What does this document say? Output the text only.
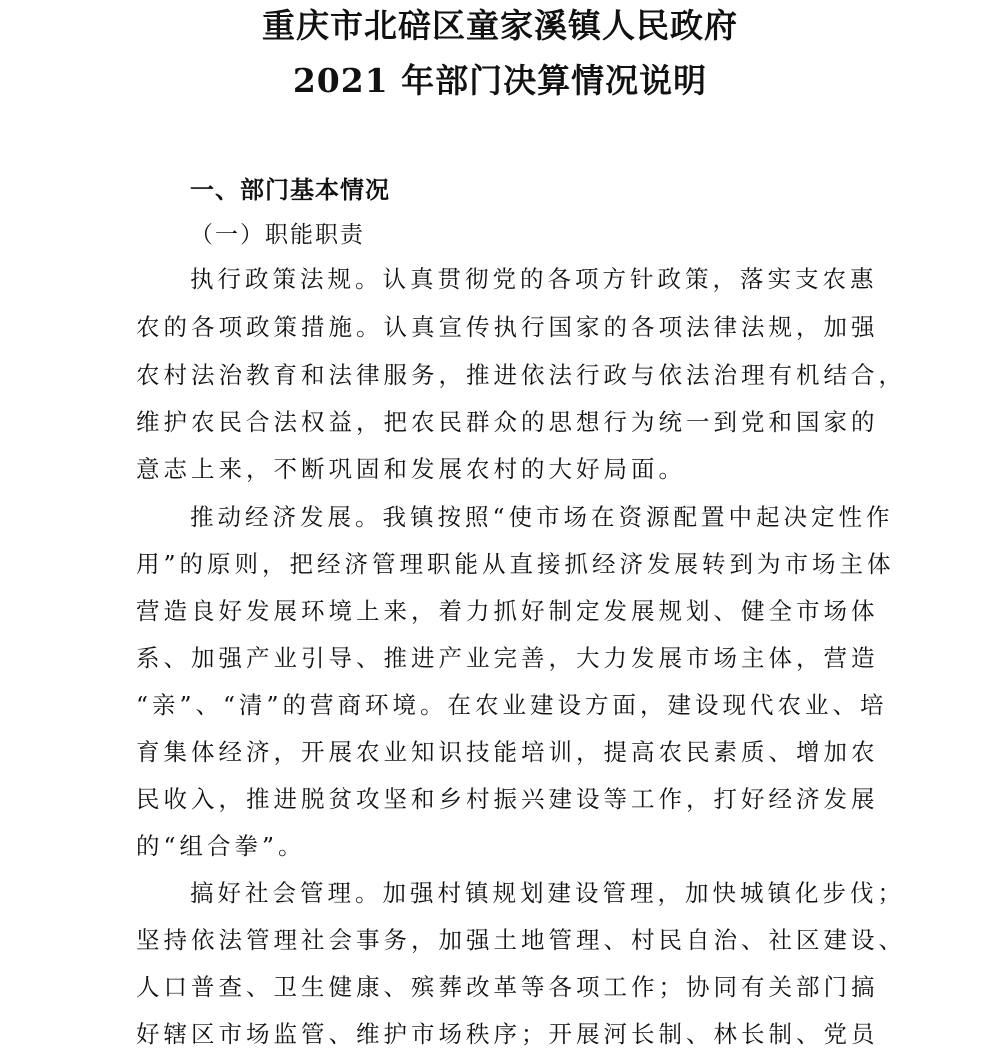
重庆市北碚区童家溪镇人民政府
2021 年部门决算情况说明
一、部门基本情况
（一）职能职责
执行政策法规。认真贯彻党的各项方针政策，落实支农惠
农的各项政策措施。认真宣传执行国家的各项法律法规，加强
农村法治教育和法律服务，推进依法行政与依法治理有机结合，
维护农民合法权益，把农民群众的思想行为统一到党和国家的
意志上来，不断巩固和发展农村的大好局面。
推动经济发展。我镇按照“使市场在资源配置中起决定性作
用”的原则，把经济管理职能从直接抓经济发展转到为市场主体
营造良好发展环境上来，着力抓好制定发展规划、健全市场体
系、加强产业引导、推进产业完善，大力发展市场主体，营造
“亲”、“清”的营商环境。在农业建设方面，建设现代农业、培
育集体经济，开展农业知识技能培训，提高农民素质、增加农
民收入，推进脱贫攻坚和乡村振兴建设等工作，打好经济发展
的“组合拳”。
搞好社会管理。加强村镇规划建设管理，加快城镇化步伐；
坚持依法管理社会事务，加强土地管理、村民自治、社区建设、
人口普查、卫生健康、殡葬改革等各项工作；协同有关部门搞
好辖区市场监管、维护市场秩序；开展河长制、林长制、党员
